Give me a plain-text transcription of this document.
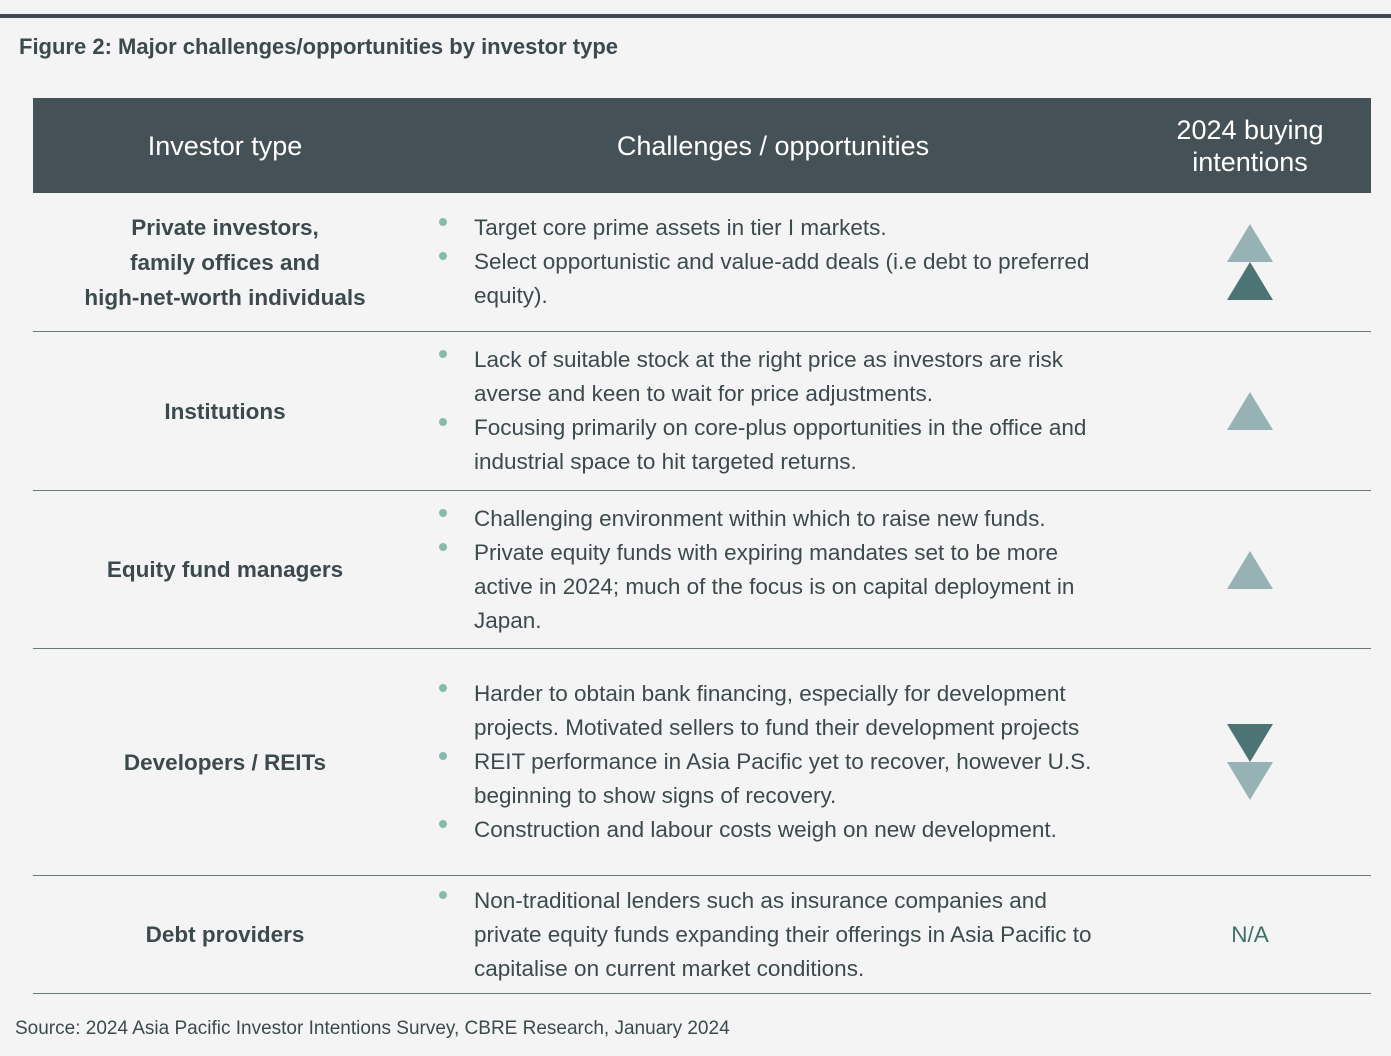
Figure 2: Major challenges/opportunities by investor type
Investor type	Challenges / opportunities
2024 buying
intentions
Private investors,
family offices and
high-net-worth individuals
Target core prime assets in tier I markets.
Select opportunistic and value-add deals (i.e debt to preferred equity).
Institutions
Lack of suitable stock at the right price as investors are risk averse and keen to wait for price adjustments.
Focusing primarily on core-plus opportunities in the office and industrial space to hit targeted returns.
Equity fund managers
Challenging environment within which to raise new funds.
Private equity funds with expiring mandates set to be more active in 2024; much of the focus is on capital deployment in Japan.
Developers / REITs
Harder to obtain bank financing, especially for development projects. Motivated sellers to fund their development projects
REIT performance in Asia Pacific yet to recover, however U.S. beginning to show signs of recovery.
Construction and labour costs weigh on new development.
Debt providers
Non-traditional lenders such as insurance companies and private equity funds expanding their offerings in Asia Pacific to capitalise on current market conditions.
N/A
Source: 2024 Asia Pacific Investor Intentions Survey, CBRE Research, January 2024
